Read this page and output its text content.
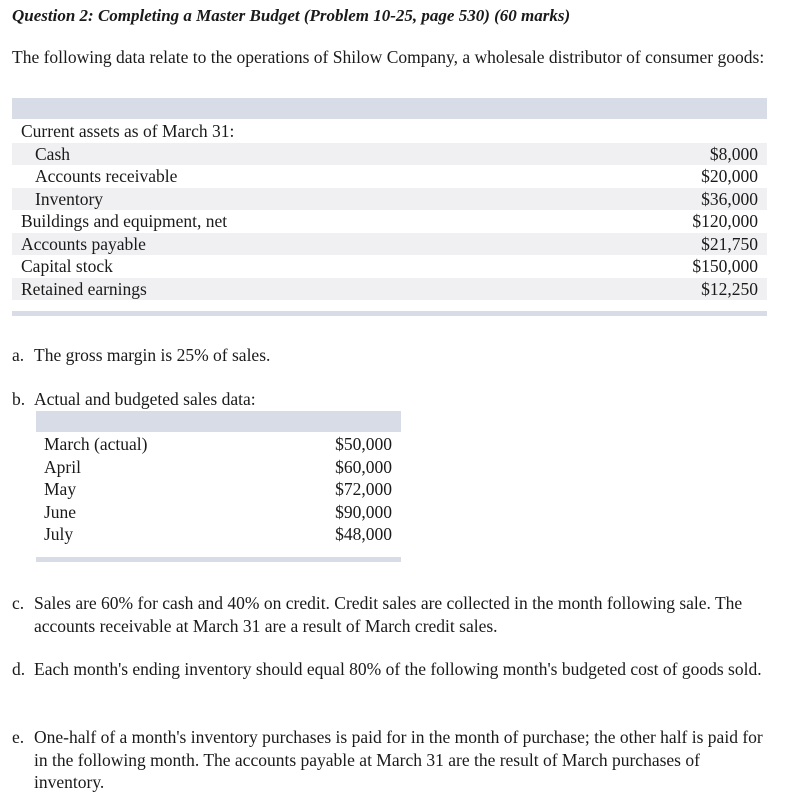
Question 2: Completing a Master Budget (Problem 10-25, page 530) (60 marks)
The following data relate to the operations of Shilow Company, a wholesale distributor of consumer goods:
Current assets as of March 31:
Cash	$8,000
Accounts receivable	$20,000
Inventory	$36,000
Buildings and equipment, net	$120,000
Accounts payable	$21,750
Capital stock	$150,000
Retained earnings	$12,250
a. The gross margin is 25% of sales.
b. Actual and budgeted sales data:
March (actual)	$50,000
April	$60,000
May	$72,000
June	$90,000
July	$48,000
c. Sales are 60% for cash and 40% on credit. Credit sales are collected in the month following sale. The accounts receivable at March 31 are a result of March credit sales.
d. Each month's ending inventory should equal 80% of the following month's budgeted cost of goods sold.
e. One-half of a month's inventory purchases is paid for in the month of purchase; the other half is paid for in the following month. The accounts payable at March 31 are the result of March purchases of inventory.
